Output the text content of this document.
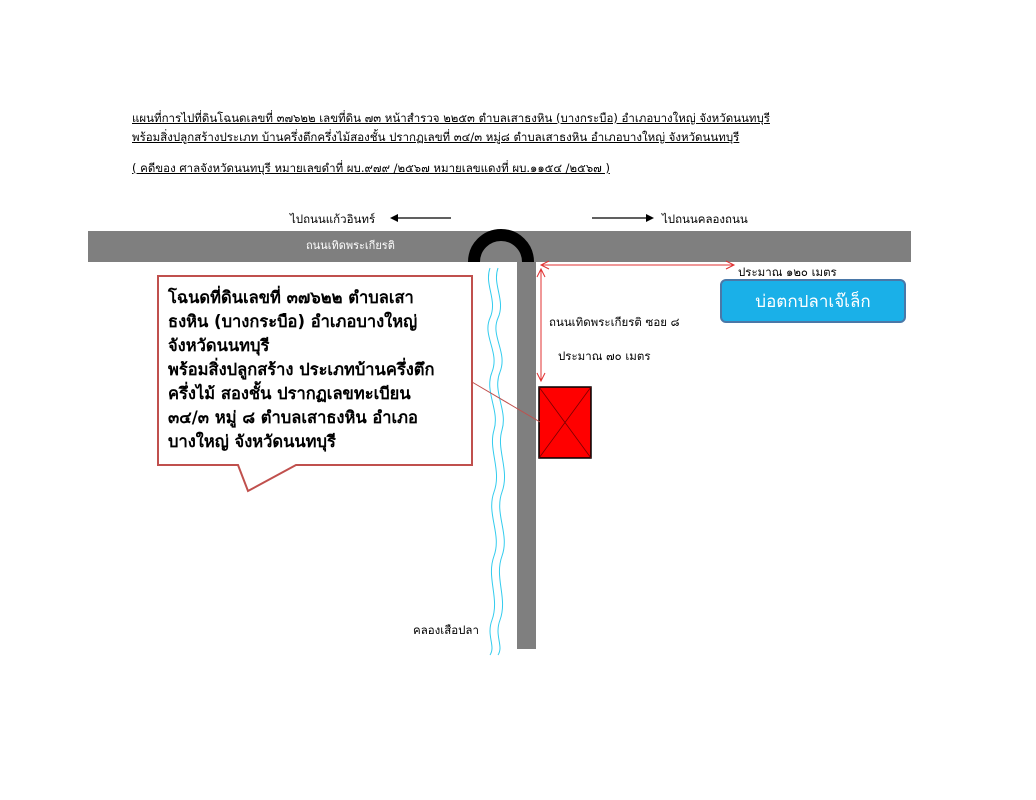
แผนที่การไปที่ดินโฉนดเลขที่ ๓๗๖๒๒ เลขที่ดิน ๗๓ หน้าสำรวจ ๒๒๕๓ ตำบลเสาธงหิน (บางกระบือ) อำเภอบางใหญ่ จังหวัดนนทบุรี
พร้อมสิ่งปลูกสร้างประเภท บ้านครึ่งตึกครึ่งไม้สองชั้น ปรากฏเลขที่ ๓๔/๓ หมู่๘ ตำบลเสาธงหิน อำเภอบางใหญ่ จังหวัดนนทบุรี
( คดีของ ศาลจังหวัดนนทบุรี หมายเลขดำที่ ผบ.๙๗๙ /๒๕๖๗ หมายเลขแดงที่ ผบ.๑๑๕๔ /๒๕๖๗ )
ถนนเทิดพระเกียรติ
ไปถนนแก้วอินทร์	ไปถนนคลองถนน
ประมาณ ๑๒๐ เมตร
ถนนเทิดพระเกียรติ ซอย ๘
ประมาณ ๗๐ เมตร
คลองเสือปลา
บ่อตกปลาเจ๊เล็ก
โฉนดที่ดินเลขที่ ๓๗๖๒๒ ตำบลเสา
ธงหิน (บางกระบือ) อำเภอบางใหญ่
จังหวัดนนทบุรี
พร้อมสิ่งปลูกสร้าง ประเภทบ้านครึ่งตึก
ครึ่งไม้ สองชั้น ปรากฏเลขทะเบียน
๓๔/๓ หมู่ ๘ ตำบลเสาธงหิน อำเภอ
บางใหญ่ จังหวัดนนทบุรี
